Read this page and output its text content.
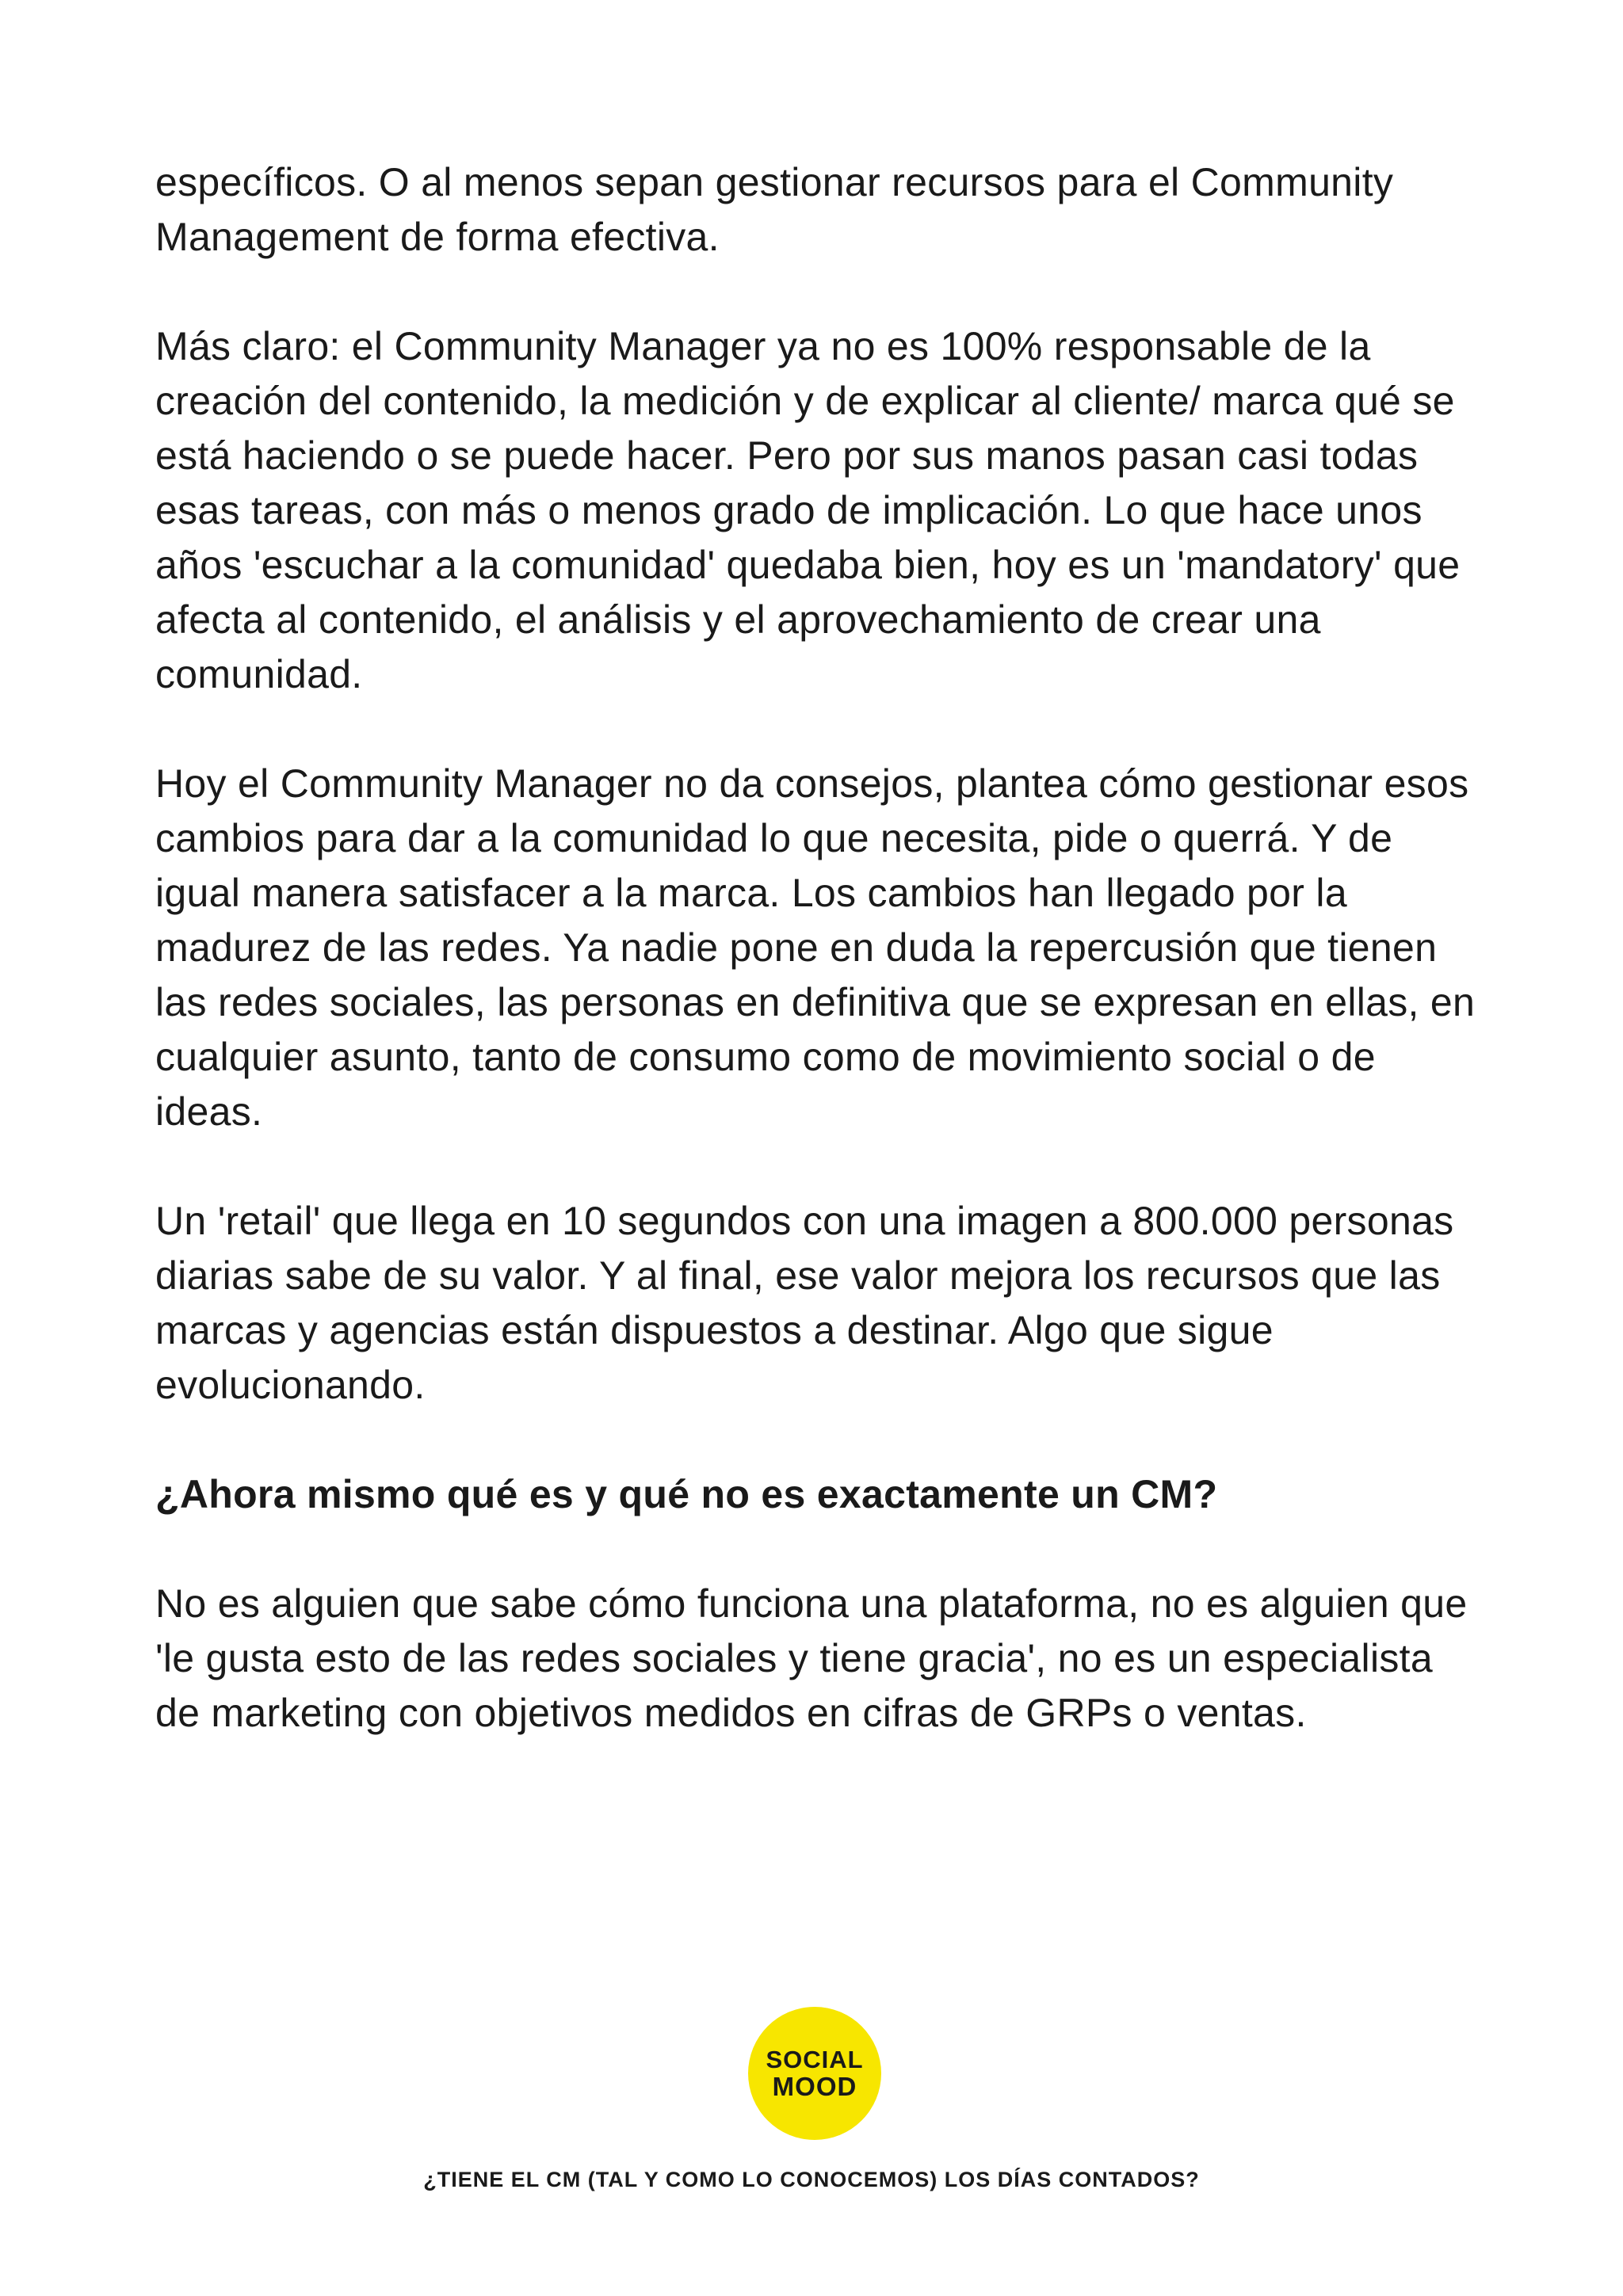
específicos. O al menos sepan gestionar recursos para el Community Management de forma efectiva.

Más claro: el Community Manager ya no es 100% responsable de la creación del contenido, la medición y de explicar al cliente/ marca qué se está haciendo o se puede hacer. Pero por sus manos pasan casi todas esas tareas, con más o menos grado de implicación. Lo que hace unos años 'escuchar a la comunidad' quedaba bien, hoy es un 'mandatory' que afecta al contenido, el análisis y el aprovechamiento de crear una comunidad.

Hoy el Community Manager no da consejos, plantea cómo gestionar esos cambios para dar a la comunidad lo que necesita, pide o querrá. Y de igual manera satisfacer a la marca. Los cambios han llegado por la madurez de las redes. Ya nadie pone en duda la repercusión que tienen las redes sociales, las personas en definitiva que se expresan en ellas, en cualquier asunto, tanto de consumo como de movimiento social o de ideas.

Un 'retail' que llega en 10 segundos con una imagen a 800.000 personas diarias sabe de su valor. Y al final, ese valor mejora los recursos que las marcas y agencias están dispuestos a destinar. Algo que sigue evolucionando.

¿Ahora mismo qué es y qué no es exactamente un CM?

No es alguien que sabe cómo funciona una plataforma, no es alguien que 'le gusta esto de las redes sociales y tiene gracia', no es un especialista de marketing con objetivos medidos en cifras de GRPs o ventas.

SOCIAL
MOOD
¿TIENE EL CM (TAL Y COMO LO CONOCEMOS) LOS DÍAS CONTADOS?
